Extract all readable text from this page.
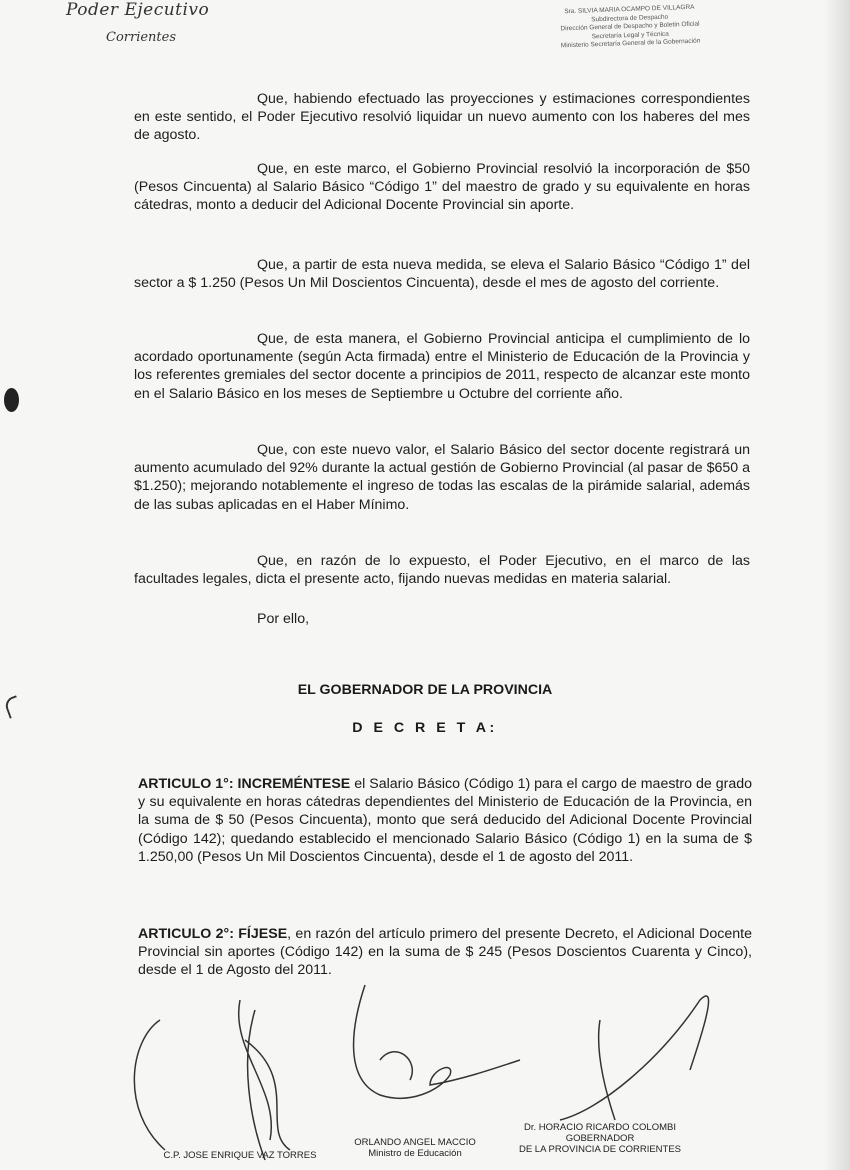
Poder Ejecutivo
Corrientes
Sra. SILVIA MARIA OCAMPO DE VILLAGRA
Subdirectora de Despacho
Dirección General de Despacho y Boletín Oficial
Secretaría Legal y Técnica
Ministerio Secretaría General de la Gobernación
Que, habiendo efectuado las proyecciones y estimaciones correspondientes en este sentido, el Poder Ejecutivo resolvió liquidar un nuevo aumento con los haberes del mes de agosto.
Que, en este marco, el Gobierno Provincial resolvió la incorporación de $50 (Pesos Cincuenta) al Salario Básico “Código 1” del maestro de grado y su equivalente en horas cátedras, monto a deducir del Adicional Docente Provincial sin aporte.
Que, a partir de esta nueva medida, se eleva el Salario Básico “Código 1” del sector a $ 1.250 (Pesos Un Mil Doscientos Cincuenta), desde el mes de agosto del corriente.
Que, de esta manera, el Gobierno Provincial anticipa el cumplimiento de lo acordado oportunamente (según Acta firmada) entre el Ministerio de Educación de la Provincia y los referentes gremiales del sector docente a principios de 2011, respecto de alcanzar este monto en el Salario Básico en los meses de Septiembre u Octubre del corriente año.
Que, con este nuevo valor, el Salario Básico del sector docente registrará un aumento acumulado del 92% durante la actual gestión de Gobierno Provincial (al pasar de $650 a $1.250); mejorando notablemente el ingreso de todas las escalas de la pirámide salarial, además de las subas aplicadas en el Haber Mínimo.
Que, en razón de lo expuesto, el Poder Ejecutivo, en el marco de las facultades legales, dicta el presente acto, fijando nuevas medidas en materia salarial.
Por ello,
EL GOBERNADOR DE LA PROVINCIA
D E C R E T A:
ARTICULO 1°: INCREMÉNTESE el Salario Básico (Código 1) para el cargo de maestro de grado y su equivalente en horas cátedras dependientes del Ministerio de Educación de la Provincia, en la suma de $ 50 (Pesos Cincuenta), monto que será deducido del Adicional Docente Provincial (Código 142); quedando establecido el mencionado Salario Básico (Código 1) en la suma de $ 1.250,00 (Pesos Un Mil Doscientos Cincuenta), desde el 1 de agosto del 2011.
ARTICULO 2°: FÍJESE, en razón del artículo primero del presente Decreto, el Adicional Docente Provincial sin aportes (Código 142) en la suma de $ 245 (Pesos Doscientos Cuarenta y Cinco), desde el 1 de Agosto del 2011.
C.P. JOSE ENRIQUE VAZ TORRES
ORLANDO ANGEL MACCIO
Ministro de Educación
Dr. HORACIO RICARDO COLOMBI
GOBERNADOR
DE LA PROVINCIA DE CORRIENTES
